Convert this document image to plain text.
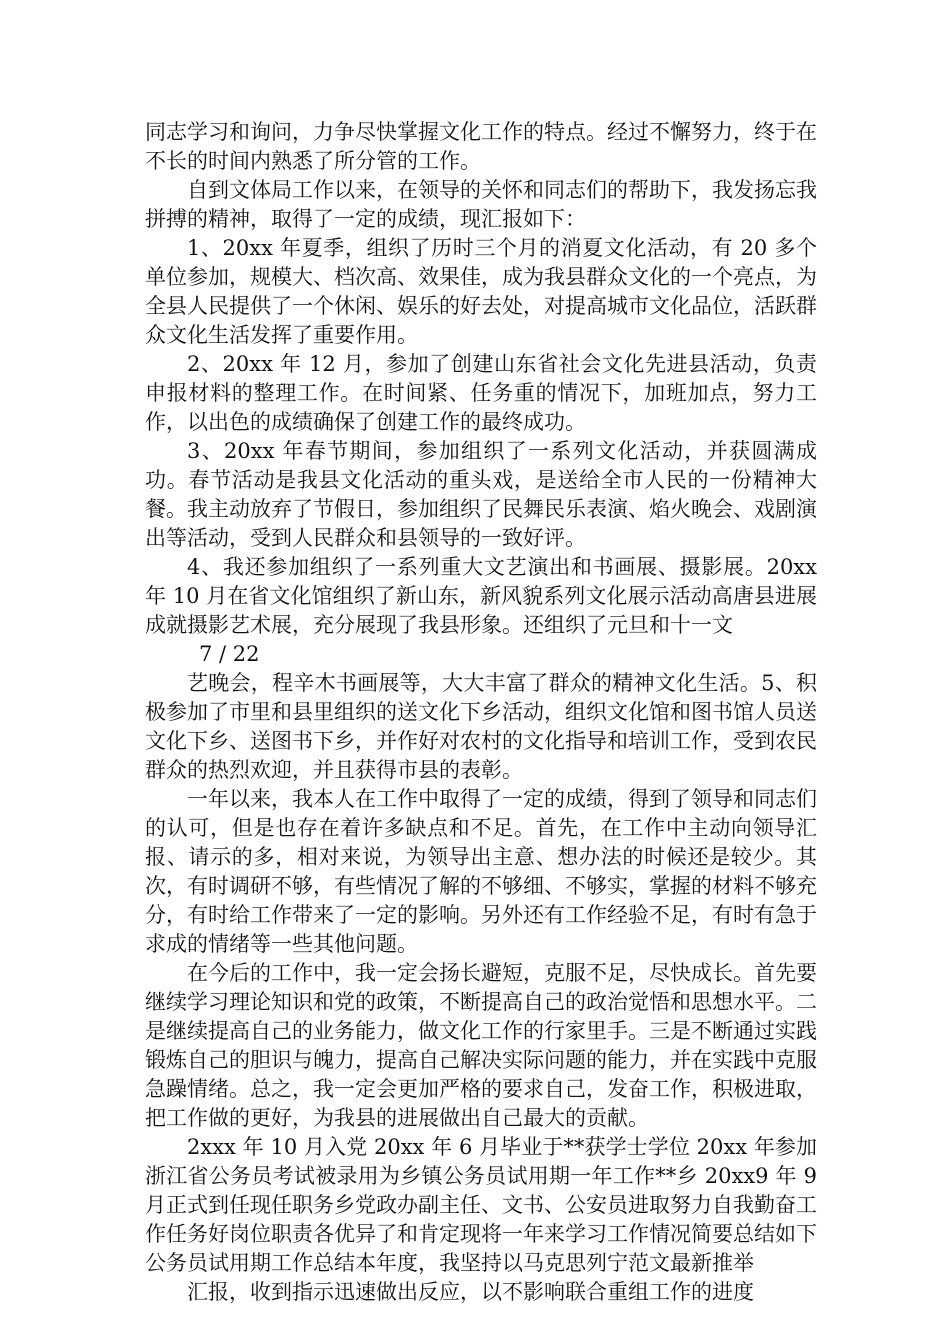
同志学习和询问，力争尽快掌握文化工作的特点。经过不懈努力，终于在不长的时间内熟悉了所分管的工作。

自到文体局工作以来，在领导的关怀和同志们的帮助下，我发扬忘我拼搏的精神，取得了一定的成绩，现汇报如下：

1、20xx 年夏季，组织了历时三个月的消夏文化活动，有 20 多个单位参加，规模大、档次高、效果佳，成为我县群众文化的一个亮点，为全县人民提供了一个休闲、娱乐的好去处，对提高城市文化品位，活跃群众文化生活发挥了重要作用。

2、20xx 年 12 月，参加了创建山东省社会文化先进县活动，负责申报材料的整理工作。在时间紧、任务重的情况下，加班加点，努力工作，以出色的成绩确保了创建工作的最终成功。

3、20xx 年春节期间，参加组织了一系列文化活动，并获圆满成功。春节活动是我县文化活动的重头戏，是送给全市人民的一份精神大餐。我主动放弃了节假日，参加组织了民舞民乐表演、焰火晚会、戏剧演出等活动，受到人民群众和县领导的一致好评。

4、我还参加组织了一系列重大文艺演出和书画展、摄影展。20xx 年 10 月在省文化馆组织了新山东，新风貌系列文化展示活动高唐县进展成就摄影艺术展，充分展现了我县形象。还组织了元旦和十一文

7 / 22

艺晚会，程辛木书画展等，大大丰富了群众的精神文化生活。5、积极参加了市里和县里组织的送文化下乡活动，组织文化馆和图书馆人员送文化下乡、送图书下乡，并作好对农村的文化指导和培训工作，受到农民群众的热烈欢迎，并且获得市县的表彰。

一年以来，我本人在工作中取得了一定的成绩，得到了领导和同志们的认可，但是也存在着许多缺点和不足。首先，在工作中主动向领导汇报、请示的多，相对来说，为领导出主意、想办法的时候还是较少。其次，有时调研不够，有些情况了解的不够细、不够实，掌握的材料不够充分，有时给工作带来了一定的影响。另外还有工作经验不足，有时有急于求成的情绪等一些其他问题。

在今后的工作中，我一定会扬长避短，克服不足，尽快成长。首先要继续学习理论知识和党的政策，不断提高自己的政治觉悟和思想水平。二是继续提高自己的业务能力，做文化工作的行家里手。三是不断通过实践锻炼自己的胆识与魄力，提高自己解决实际问题的能力，并在实践中克服急躁情绪。总之，我一定会更加严格的要求自己，发奋工作，积极进取，把工作做的更好，为我县的进展做出自己最大的贡献。

2xxx 年 10 月入党 20xx 年 6 月毕业于**获学士学位 20xx 年参加浙江省公务员考试被录用为乡镇公务员试用期一年工作**乡 20xx9 年 9 月正式到任现任职务乡党政办副主任、文书、公安员进取努力自我勤奋工作任务好岗位职责各优异了和肯定现将一年来学习工作情况简要总结如下公务员试用期工作总结本年度，我坚持以马克思列宁范文最新推举

汇报，收到指示迅速做出反应，以不影响联合重组工作的进度
